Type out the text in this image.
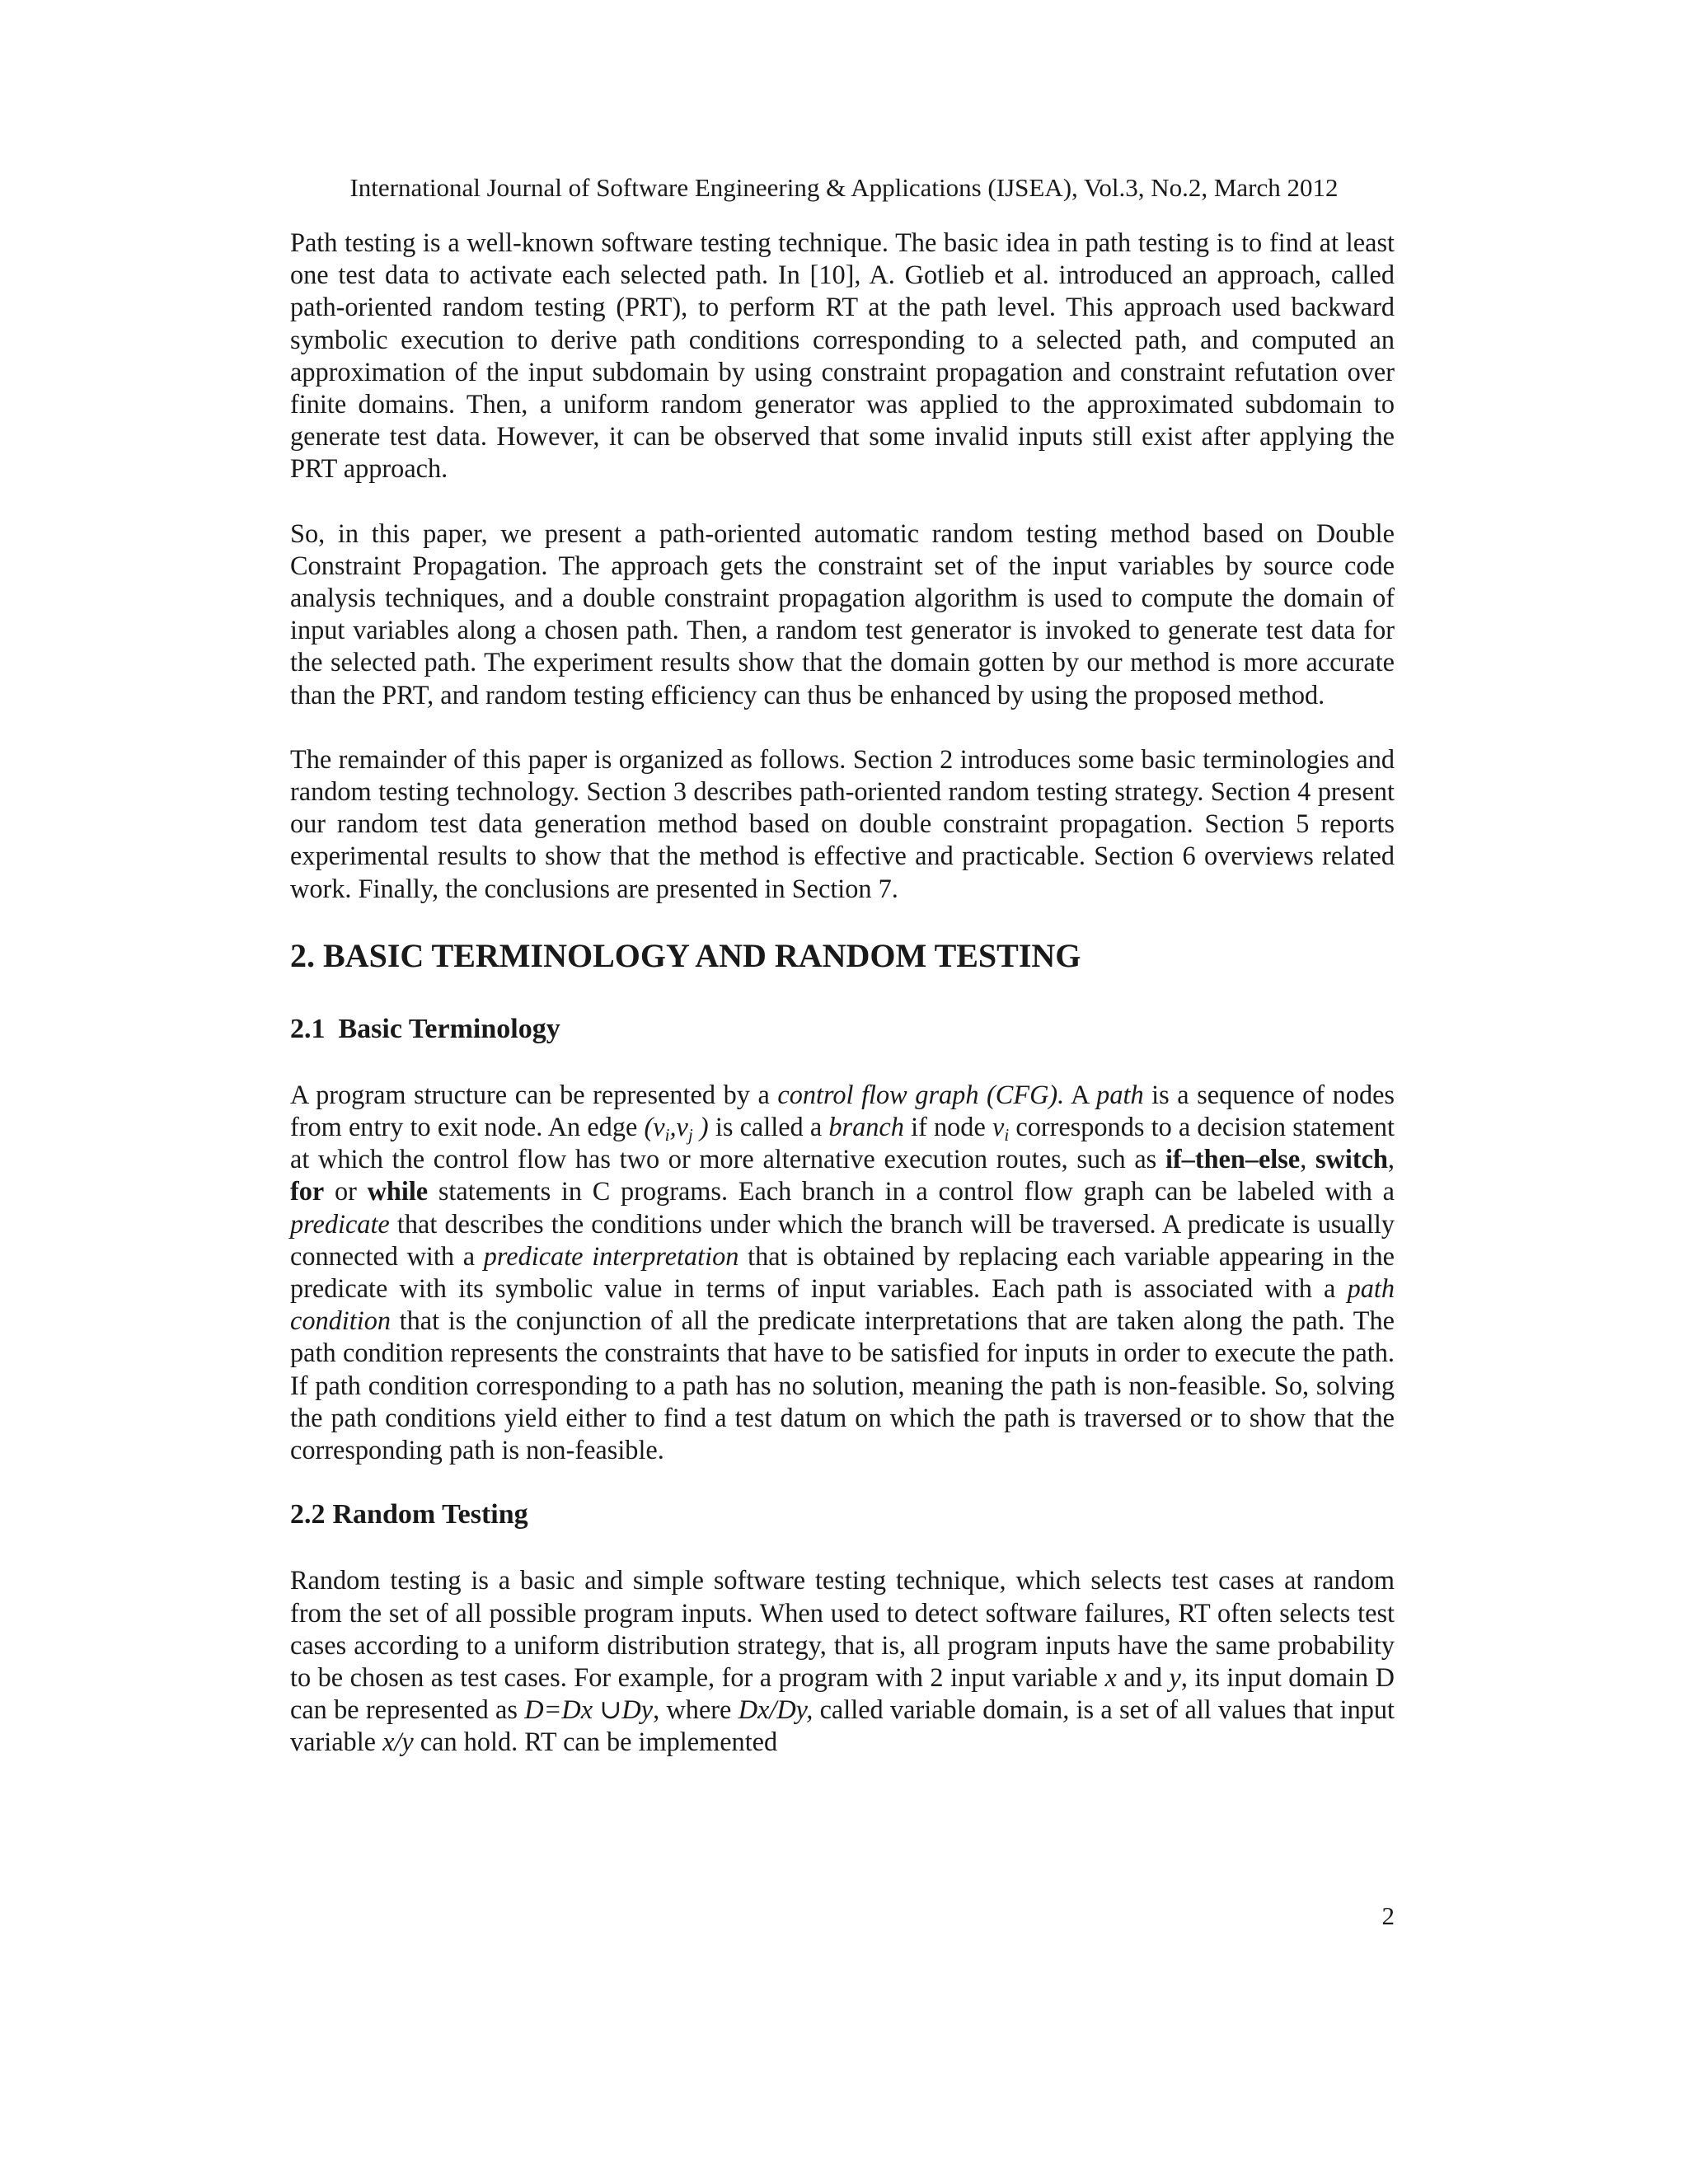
International Journal of Software Engineering & Applications (IJSEA), Vol.3, No.2, March 2012

Path testing is a well-known software testing technique. The basic idea in path testing is to find at least one test data to activate each selected path. In [10], A. Gotlieb et al. introduced an approach, called path-oriented random testing (PRT), to perform RT at the path level. This approach used backward symbolic execution to derive path conditions corresponding to a selected path, and computed an approximation of the input subdomain by using constraint propagation and constraint refutation over finite domains. Then, a uniform random generator was applied to the approximated subdomain to generate test data. However, it can be observed that some invalid inputs still exist after applying the PRT approach.

So, in this paper, we present a path-oriented automatic random testing method based on Double Constraint Propagation. The approach gets the constraint set of the input variables by source code analysis techniques, and a double constraint propagation algorithm is used to compute the domain of input variables along a chosen path. Then, a random test generator is invoked to generate test data for the selected path. The experiment results show that the domain gotten by our method is more accurate than the PRT, and random testing efficiency can thus be enhanced by using the proposed method.

The remainder of this paper is organized as follows. Section 2 introduces some basic terminologies and random testing technology. Section 3 describes path-oriented random testing strategy. Section 4 present our random test data generation method based on double constraint propagation. Section 5 reports experimental results to show that the method is effective and practicable. Section 6 overviews related work. Finally, the conclusions are presented in Section 7.

2. BASIC TERMINOLOGY AND RANDOM TESTING
2.1 Basic Terminology

A program structure can be represented by a control flow graph (CFG). A path is a sequence of nodes from entry to exit node. An edge ($v_i,v_j$ ) is called a branch if node $v_i$ corresponds to a decision statement at which the control flow has two or more alternative execution routes, such as if–then–else, switch, for or while statements in C programs. Each branch in a control flow graph can be labeled with a predicate that describes the conditions under which the branch will be traversed. A predicate is usually connected with a predicate interpretation that is obtained by replacing each variable appearing in the predicate with its symbolic value in terms of input variables. Each path is associated with a path condition that is the conjunction of all the predicate interpretations that are taken along the path. The path condition represents the constraints that have to be satisfied for inputs in order to execute the path. If path condition corresponding to a path has no solution, meaning the path is non-feasible. So, solving the path conditions yield either to find a test datum on which the path is traversed or to show that the corresponding path is non-feasible.

2.2 Random Testing

Random testing is a basic and simple software testing technique, which selects test cases at random from the set of all possible program inputs. When used to detect software failures, RT often selects test cases according to a uniform distribution strategy, that is, all program inputs have the same probability to be chosen as test cases. For example, for a program with 2 input variable x and y, its input domain D can be represented as D=Dx ∪Dy, where Dx/Dy, called variable domain, is a set of all values that input variable x/y can hold. RT can be implemented

2
